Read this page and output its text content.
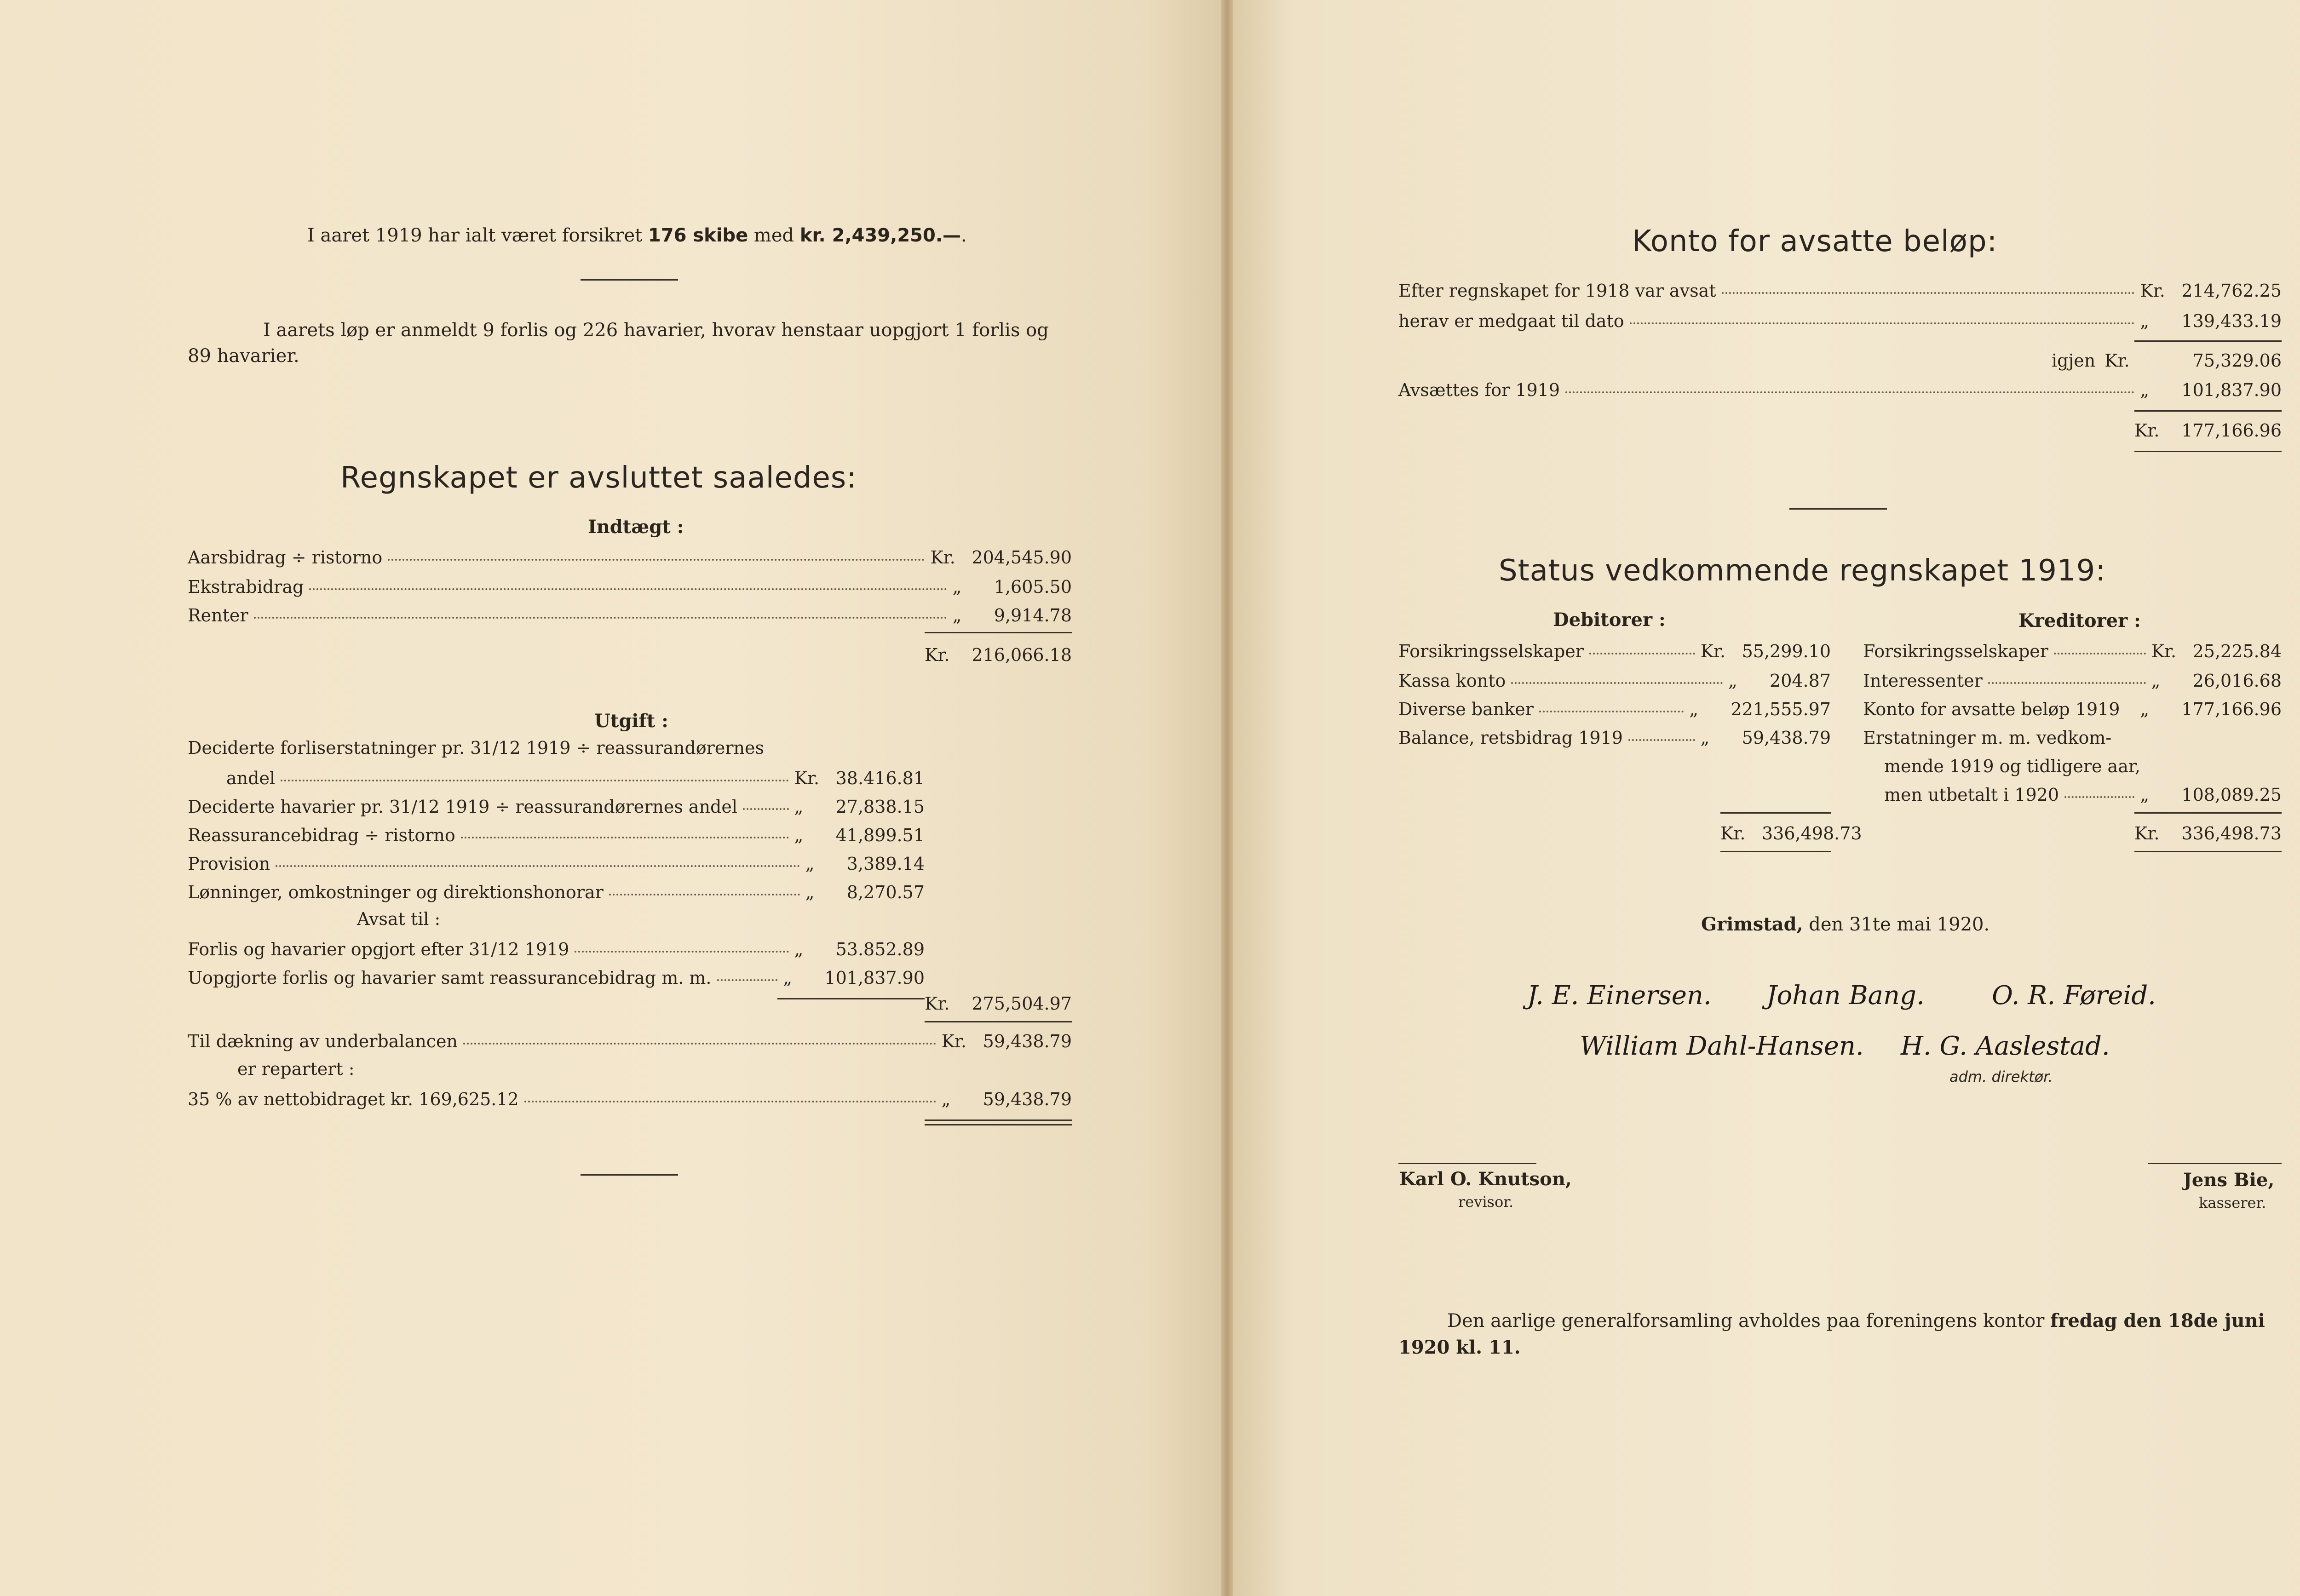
I aaret 1919 har ialt været forsikret 176 skibe med kr. 2,439,250.—.
I aarets løp er anmeldt 9 forlis og 226 havarier, hvorav henstaar uopgjort 1 forlis og
89 havarier.
Regnskapet er avsluttet saaledes:
Indtægt :
Aarsbidrag ÷ ristorno	Kr. 204,545.90
Ekstrabidrag	„	1,605.50
Renter	„	9,914.78
Kr.	216,066.18
Utgift :
Deciderte forliserstatninger pr. 31/12 1919 ÷ reassurandørernes
andel	Kr. 38.416.81
Deciderte havarier pr. 31/12 1919 ÷ reassurandørernes andel	„	27,838.15
Reassurancebidrag ÷ ristorno	„	41,899.51
Provision	„	3,389.14
Lønninger, omkostninger og direktionshonorar	„	8,270.57
Avsat til :
Forlis og havarier opgjort efter 31/12 1919	„	53.852.89
Uopgjorte forlis og havarier samt reassurancebidrag m. m.	„	101,837.90
Kr.	275,504.97
Til dækning av underbalancen	Kr. 59,438.79
er repartert :
35 % av nettobidraget kr. 169,625.12	„	59,438.79
Konto for avsatte beløp:
Efter regnskapet for 1918 var avsat	Kr. 214,762.25
herav er medgaat til dato	„	139,433.19
igjen Kr.	75,329.06
Avsættes for 1919	„	101,837.90
Kr.	177,166.96
Status vedkommende regnskapet 1919:
Debitorer :	Kreditorer :
Forsikringsselskaper	Kr. 55,299.10
Kassa konto	„	204.87
Diverse banker	„	221,555.97
Balance, retsbidrag 1919	„	59,438.79
Forsikringsselskaper	Kr. 25,225.84
Interessenter	„	26,016.68
Konto for avsatte beløp 1919 „	177,166.96
Erstatninger m. m. vedkom-
mende 1919 og tidligere aar,
men utbetalt i 1920	„	108,089.25
Kr. 336,498.73	Kr.	336,498.73
Grimstad, den 31te mai 1920.
J. E. Einersen. Johan Bang.	O. R. Føreid.
William Dahl-Hansen. H. G. Aaslestad.
adm. direktør.
Karl O. Knutson,
revisor.
Jens Bie,
kasserer.
Den aarlige generalforsamling avholdes paa foreningens kontor fredag den 18de juni
1920 kl. 11.
